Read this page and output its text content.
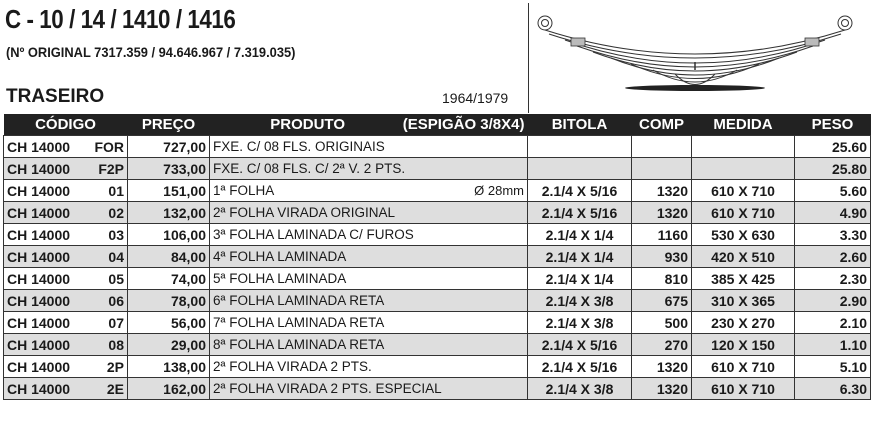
C - 10 / 14 / 1410 / 1416
(Nº ORIGINAL 7317.359 / 94.646.967 / 7.319.035)
TRASEIRO	1964/1979
CÓDIGO	PREÇO	PRODUTO (ESPIGÃO 3/8X4)	BITOLA	COMP	MEDIDA	PESO
CH 14000 FOR	727,00	FXE. C/ 08 FLS. ORIGINAIS				25.60
CH 14000 F2P	733,00	FXE. C/ 08 FLS. C/ 2ª V. 2 PTS.				25.80
CH 14000 01	151,00	1ª FOLHA Ø 28mm	2.1/4 X 5/16	1320	610 X 710	5.60
CH 14000 02	132,00	2ª FOLHA VIRADA ORIGINAL	2.1/4 X 5/16	1320	610 X 710	4.90
CH 14000 03	106,00	3ª FOLHA LAMINADA C/ FUROS	2.1/4 X 1/4	1160	530 X 630	3.30
CH 14000 04	84,00	4ª FOLHA LAMINADA	2.1/4 X 1/4	930	420 X 510	2.60
CH 14000 05	74,00	5ª FOLHA LAMINADA	2.1/4 X 1/4	810	385 X 425	2.30
CH 14000 06	78,00	6ª FOLHA LAMINADA RETA	2.1/4 X 3/8	675	310 X 365	2.90
CH 14000 07	56,00	7ª FOLHA LAMINADA RETA	2.1/4 X 3/8	500	230 X 270	2.10
CH 14000 08	29,00	8ª FOLHA LAMINADA RETA	2.1/4 X 5/16	270	120 X 150	1.10
CH 14000 2P	138,00	2ª FOLHA VIRADA 2 PTS.	2.1/4 X 5/16	1320	610 X 710	5.10
CH 14000 2E	162,00	2ª FOLHA VIRADA 2 PTS. ESPECIAL	2.1/4 X 3/8	1320	610 X 710	6.30
